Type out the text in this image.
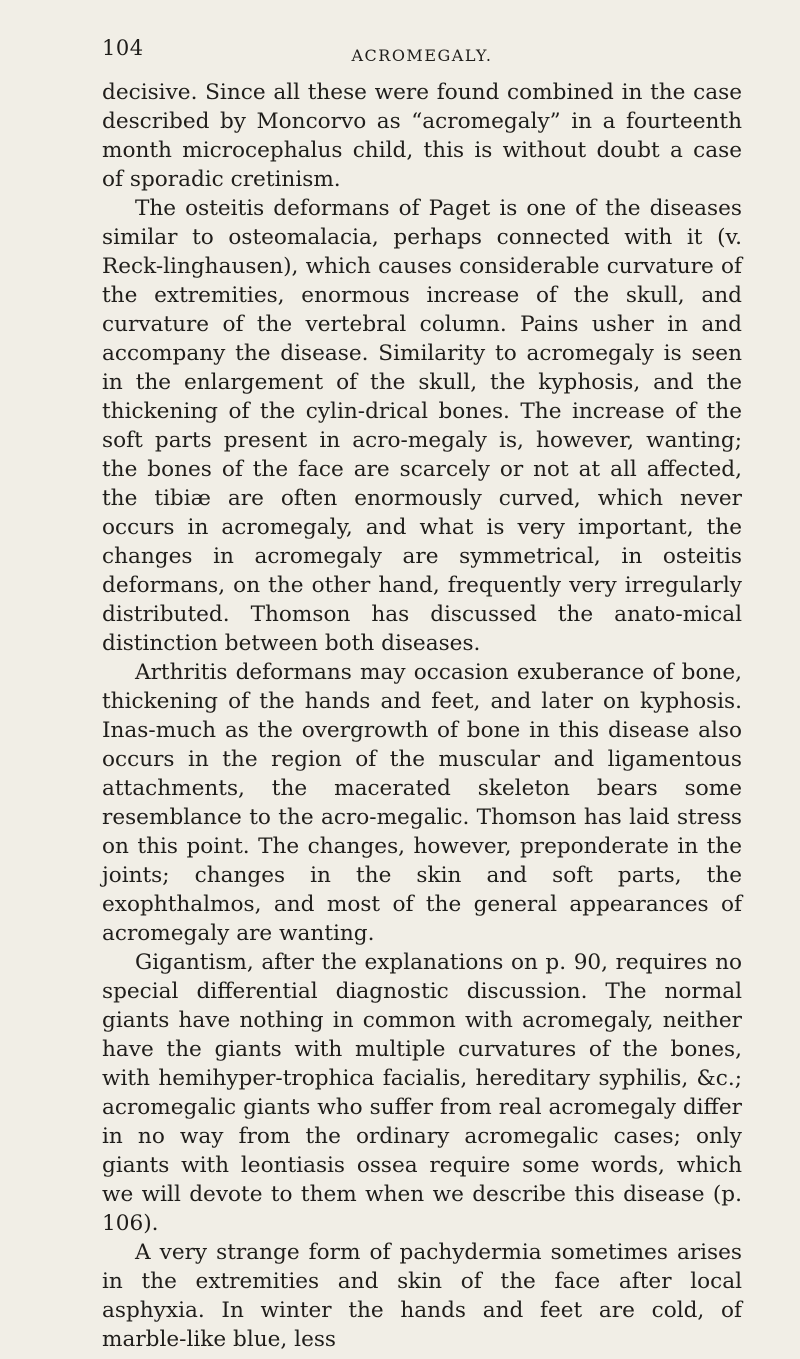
104	ACROMEGALY.

decisive. Since all these were found combined in the case described by Moncorvo as “acromegaly” in a fourteenth month microcephalus child, this is without doubt a case of sporadic cretinism.

The osteitis deformans of Paget is one of the diseases similar to osteomalacia, perhaps connected with it (v. Reck-linghausen), which causes considerable curvature of the extremities, enormous increase of the skull, and curvature of the vertebral column. Pains usher in and accompany the disease. Similarity to acromegaly is seen in the enlargement of the skull, the kyphosis, and the thickening of the cylin-drical bones. The increase of the soft parts present in acro-megaly is, however, wanting; the bones of the face are scarcely or not at all affected, the tibiæ are often enormously curved, which never occurs in acromegaly, and what is very important, the changes in acromegaly are symmetrical, in osteitis deformans, on the other hand, frequently very irregularly distributed. Thomson has discussed the anato-mical distinction between both diseases.

Arthritis deformans may occasion exuberance of bone, thickening of the hands and feet, and later on kyphosis. Inas-much as the overgrowth of bone in this disease also occurs in the region of the muscular and ligamentous attachments, the macerated skeleton bears some resemblance to the acro-megalic. Thomson has laid stress on this point. The changes, however, preponderate in the joints; changes in the skin and soft parts, the exophthalmos, and most of the general appearances of acromegaly are wanting.

Gigantism, after the explanations on p. 90, requires no special differential diagnostic discussion. The normal giants have nothing in common with acromegaly, neither have the giants with multiple curvatures of the bones, with hemihyper-trophica facialis, hereditary syphilis, &c.; acromegalic giants who suffer from real acromegaly differ in no way from the ordinary acromegalic cases; only giants with leontiasis ossea require some words, which we will devote to them when we describe this disease (p. 106).

A very strange form of pachydermia sometimes arises in the extremities and skin of the face after local asphyxia. In winter the hands and feet are cold, of marble-like blue, less
